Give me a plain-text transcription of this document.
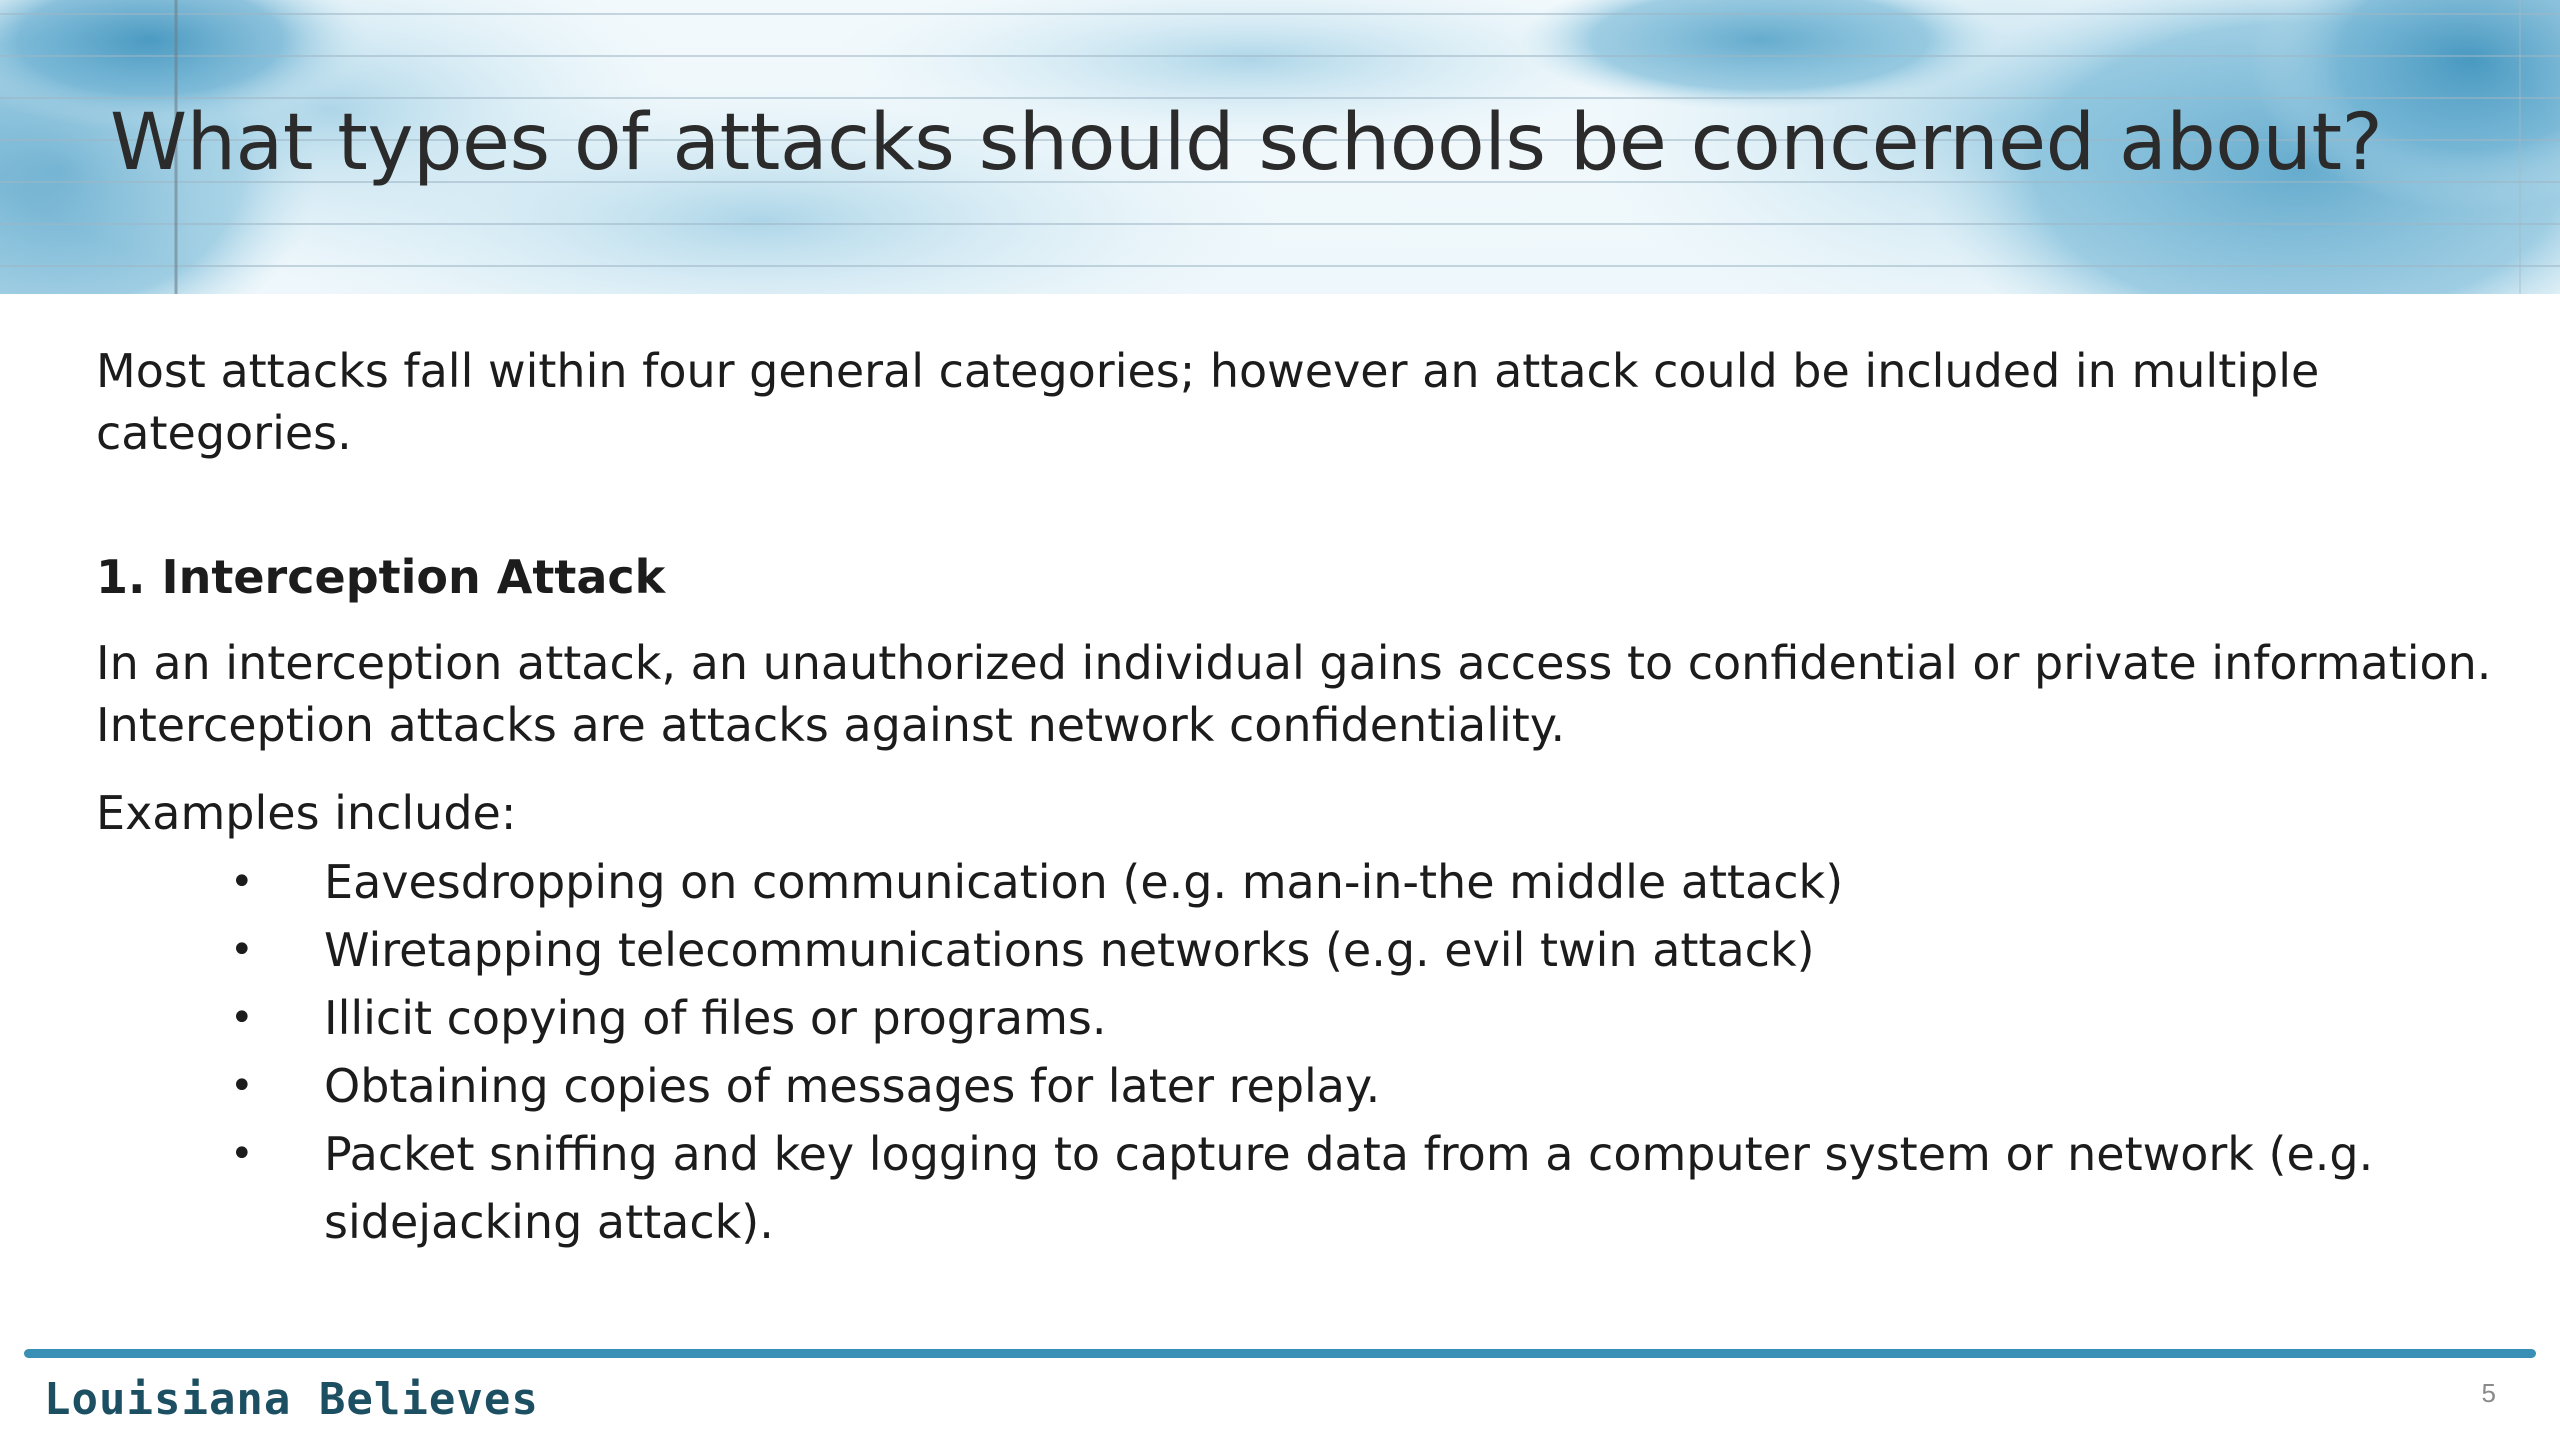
What types of attacks should schools be concerned about?

Most attacks fall within four general categories; however an attack could be included in multiple categories.

1. Interception Attack

In an interception attack, an unauthorized individual gains access to confidential or private information. Interception attacks are attacks against network confidentiality.

Examples include:

• Eavesdropping on communication (e.g. man-in-the middle attack)
• Wiretapping telecommunications networks (e.g. evil twin attack)
• Illicit copying of files or programs.
• Obtaining copies of messages for later replay.
• Packet sniffing and key logging to capture data from a computer system or network (e.g. sidejacking attack).
Louisiana Believes	5
